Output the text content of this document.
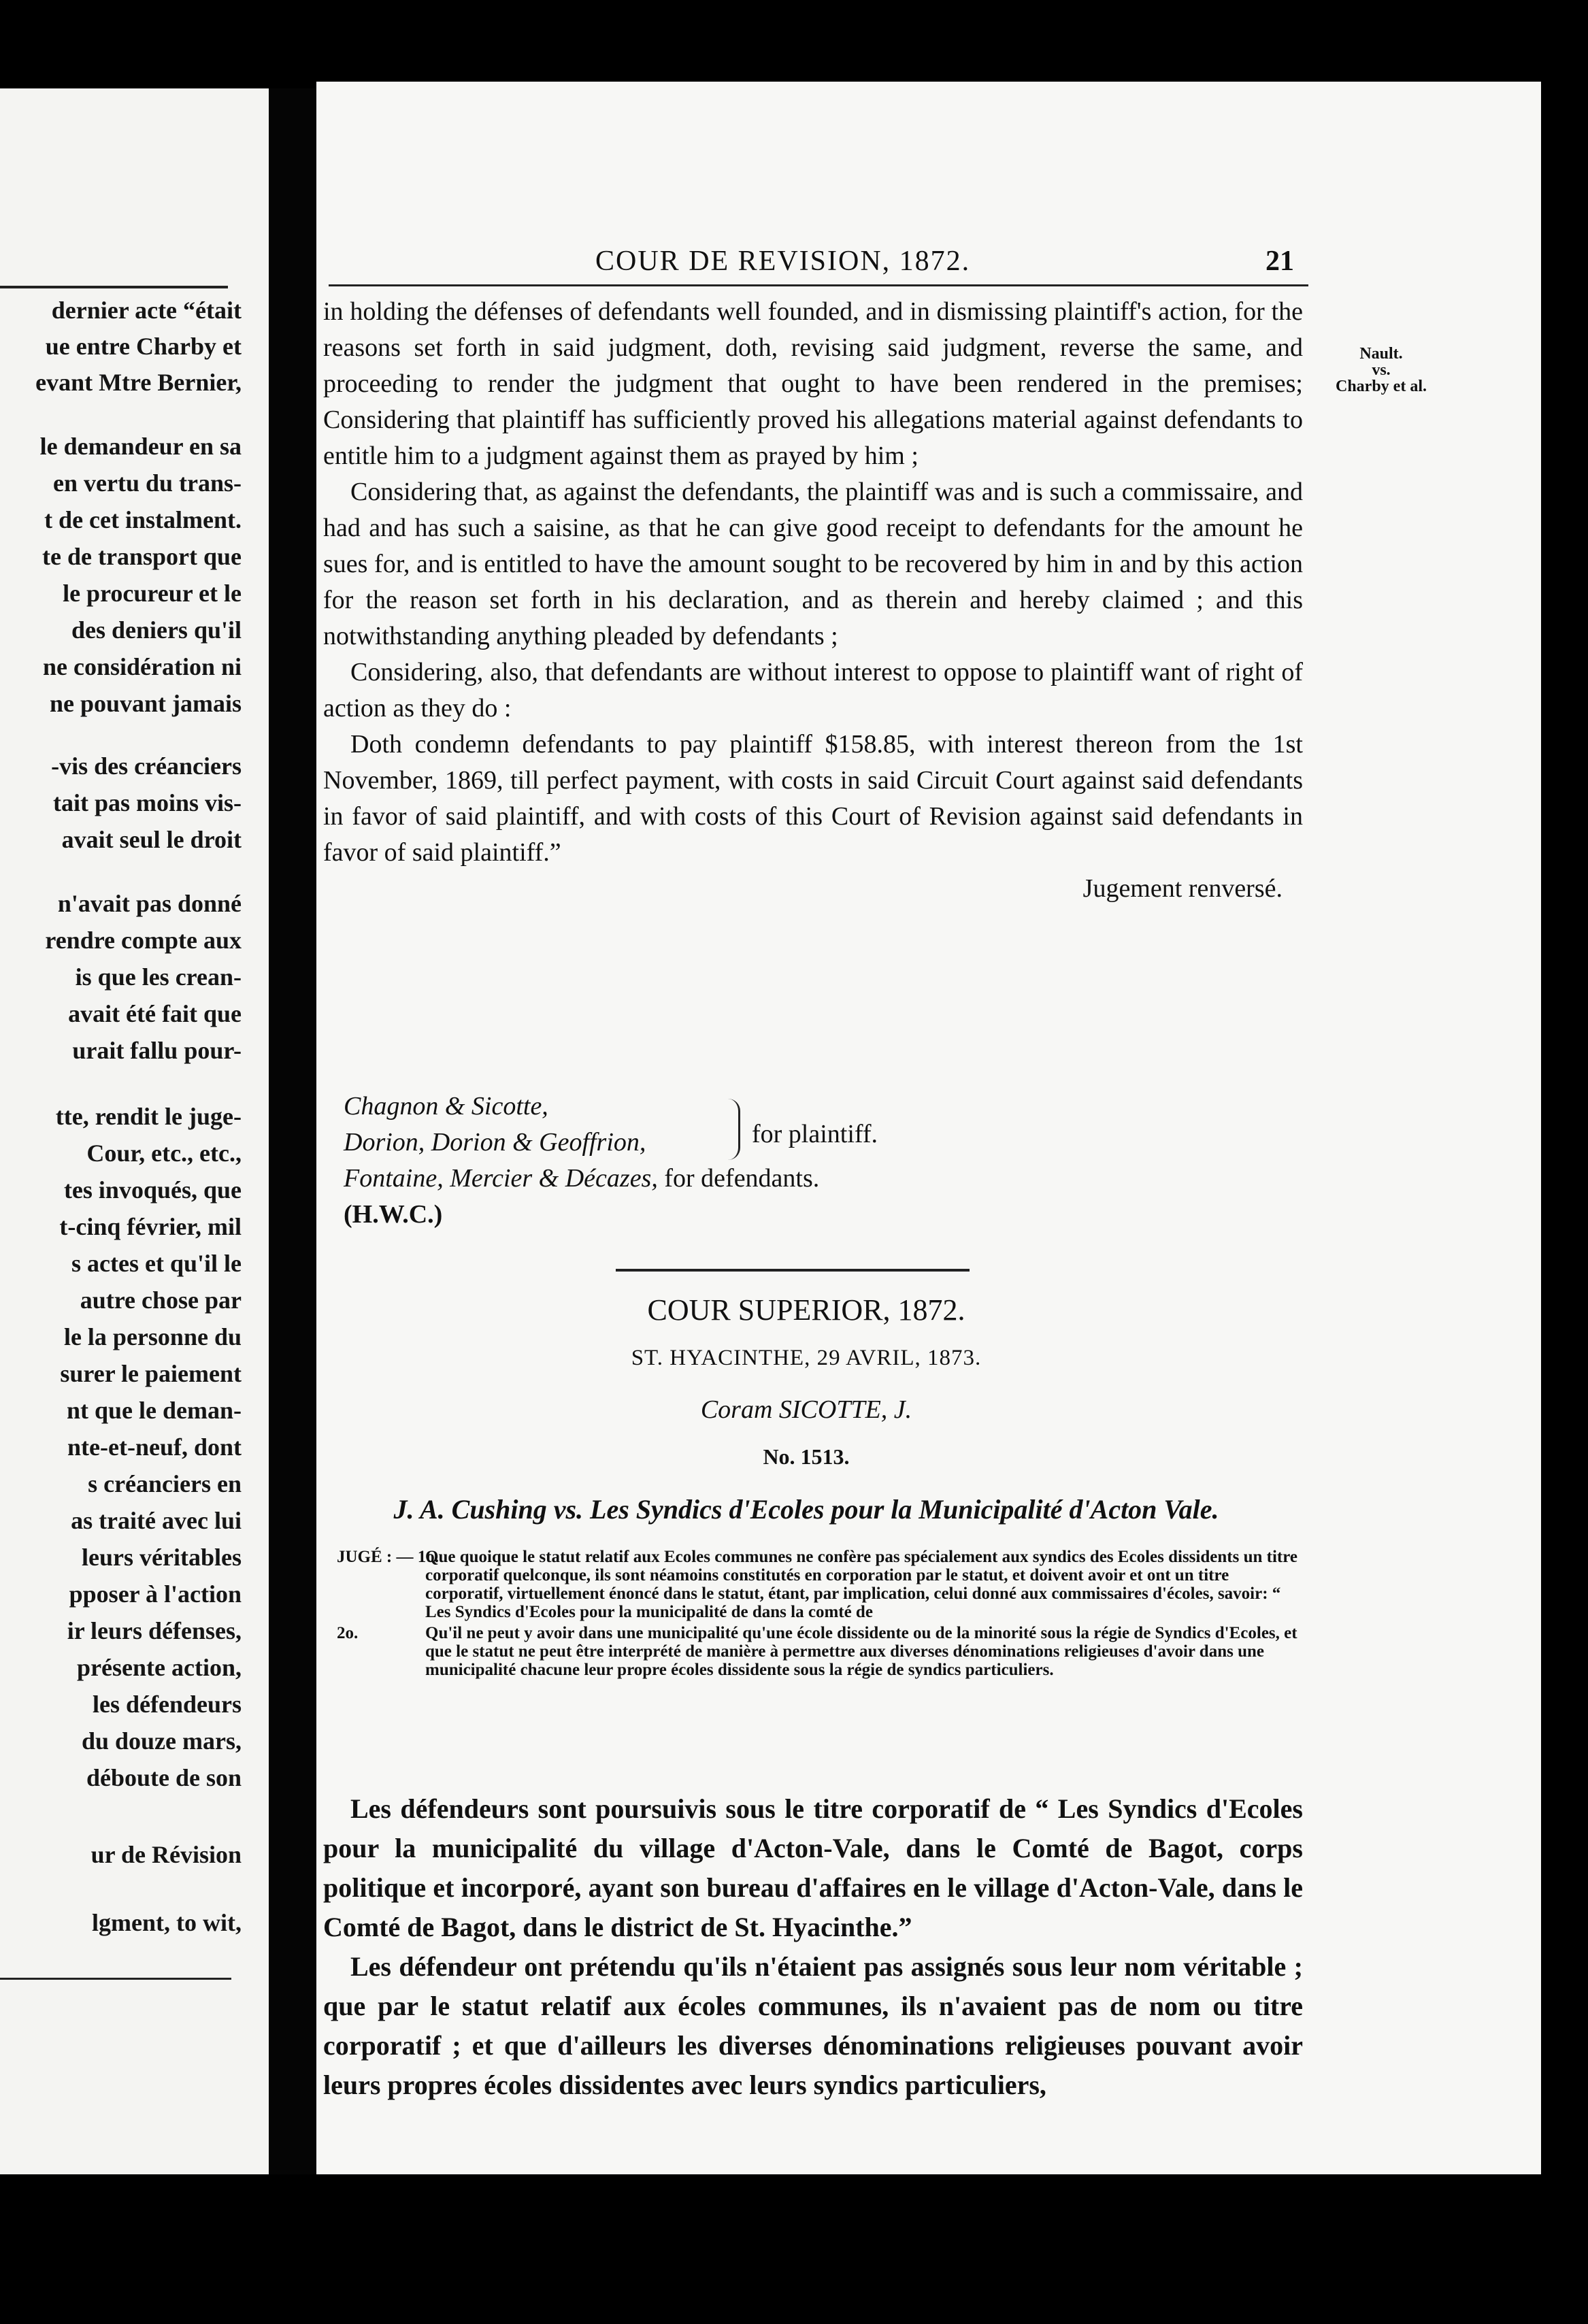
dernier acte “était
ue entre Charby et
evant Mtre Bernier,
le demandeur en sa
en vertu du trans-
t de cet instalment.
te de transport que
le procureur et le
des deniers qu'il
ne considération ni
ne pouvant jamais
-vis des créanciers
tait pas moins vis-
avait seul le droit
n'avait pas donné
rendre compte aux
is que les crean-
avait été fait que
urait fallu pour-
tte, rendit le juge-
Cour, etc., etc.,
tes invoqués, que
t-cinq février, mil
s actes et qu'il le
autre chose par
le la personne du
surer le paiement
nt que le deman-
nte-et-neuf, dont
s créanciers en
as traité avec lui
leurs véritables
pposer à l'action
ir leurs défenses,
présente action,
les défendeurs
du douze mars,
déboute de son
ur de Révision
lgment, to wit,
COUR DE REVISION, 1872.	21
Nault.
vs.
Charby et al.

in holding the défenses of defendants well founded, and in dismissing plaintiff's action, for the reasons set forth in said judgment, doth, revising said judgment, reverse the same, and proceeding to render the judgment that ought to have been rendered in the premises; Considering that plaintiff has sufficiently proved his allegations material against defendants to entitle him to a judgment against them as prayed by him ;

Considering that, as against the defendants, the plaintiff was and is such a commissaire, and had and has such a saisine, as that he can give good receipt to defendants for the amount he sues for, and is entitled to have the amount sought to be recovered by him in and by this action for the reason set forth in his declaration, and as therein and hereby claimed ; and this notwithstanding anything pleaded by defendants ;

Considering, also, that defendants are without interest to oppose to plaintiff want of right of action as they do :

Doth condemn defendants to pay plaintiff $158.85, with interest thereon from the 1st November, 1869, till perfect payment, with costs in said Circuit Court against said defendants in favor of said plaintiff, and with costs of this Court of Revision against said defendants in favor of said plaintiff.”

Jugement renversé.

Chagnon & Sicotte,
Dorion, Dorion & Geoffrion,
Fontaine, Mercier & Décazes, for defendants.
(H.W.C.)
for plaintiff.
COUR SUPERIOR, 1872.
ST. HYACINTHE, 29 AVRIL, 1873.
Coram SICOTTE, J.
No. 1513.
J. A. Cushing vs. Les Syndics d'Ecoles pour la Municipalité d'Acton Vale.
JUGÉ : — 1o.
Que quoique le statut relatif aux Ecoles communes ne confère pas spécialement aux syndics des Ecoles dissidents un titre corporatif quelconque, ils sont néamoins constitutés en corporation par le statut, et doivent avoir et ont un titre corporatif, virtuellement énoncé dans le statut, étant, par implication, celui donné aux commissaires d'écoles, savoir: “ Les Syndics d'Ecoles pour la municipalité de dans la comté de
2o.	Qu'il ne peut y avoir dans une municipalité qu'une école dissidente ou de la minorité sous la régie de Syndics d'Ecoles, et que le statut ne peut être interprété de manière à permettre aux diverses dénominations religieuses d'avoir dans une municipalité chacune leur propre écoles dissidente sous la régie de syndics particuliers.

Les défendeurs sont poursuivis sous le titre corporatif de “ Les Syndics d'Ecoles pour la municipalité du village d'Acton-Vale, dans le Comté de Bagot, corps politique et incorporé, ayant son bureau d'affaires en le village d'Acton-Vale, dans le Comté de Bagot, dans le district de St. Hyacinthe.”

Les défendeur ont prétendu qu'ils n'étaient pas assignés sous leur nom véritable ; que par le statut relatif aux écoles communes, ils n'avaient pas de nom ou titre corporatif ; et que d'ailleurs les diverses dénominations religieuses pouvant avoir leurs propres écoles dissidentes avec leurs syndics particuliers,
